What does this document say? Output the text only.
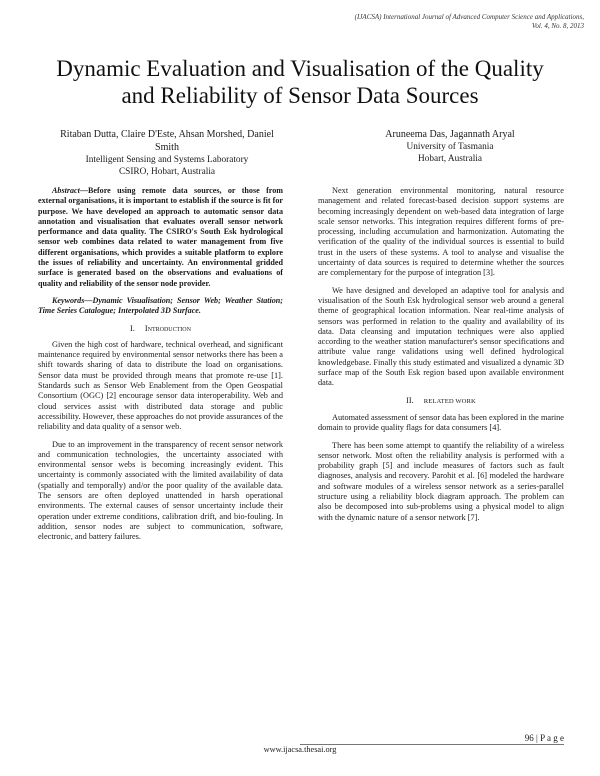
(IJACSA) International Journal of Advanced Computer Science and Applications,
Vol. 4, No. 8, 2013
Dynamic Evaluation and Visualisation of the Quality
and Reliability of Sensor Data Sources
Ritaban Dutta, Claire D'Este, Ahsan Morshed, Daniel
Smith
Intelligent Sensing and Systems Laboratory
CSIRO, Hobart, Australia
Aruneema Das, Jagannath Aryal
University of Tasmania
Hobart, Australia

Abstract—Before using remote data sources, or those from external organisations, it is important to establish if the source is fit for purpose. We have developed an approach to automatic sensor data annotation and visualisation that evaluates overall sensor network performance and data quality. The CSIRO's South Esk hydrological sensor web combines data related to water management from five different organisations, which provides a suitable platform to explore the issues of reliability and uncertainty. An environmental gridded surface is generated based on the observations and evaluations of quality and reliability of the sensor node provider.

Keywords—Dynamic Visualisation; Sensor Web; Weather Station; Time Series Catalogue; Interpolated 3D Surface.

I. Introduction

Given the high cost of hardware, technical overhead, and significant maintenance required by environmental sensor networks there has been a shift towards sharing of data to distribute the load on organisations. Sensor data must be provided through means that promote re-use [1]. Standards such as Sensor Web Enablement from the Open Geospatial Consortium (OGC) [2] encourage sensor data interoperability. Web and cloud services assist with distributed data storage and public accessibility. However, these approaches do not provide assurances of the reliability and data quality of a sensor web.

Due to an improvement in the transparency of recent sensor network and communication technologies, the uncertainty associated with environmental sensor webs is becoming increasingly evident. This uncertainty is commonly associated with the limited availability of data (spatially and temporally) and/or the poor quality of the available data. The sensors are often deployed unattended in harsh operational environments. The external causes of sensor uncertainty include their operation under extreme conditions, calibration drift, and bio-fouling. In addition, sensor nodes are subject to communication, software, electronic, and battery failures.

Next generation environmental monitoring, natural resource management and related forecast-based decision support systems are becoming increasingly dependent on web-based data integration of large scale sensor networks. This integration requires different forms of pre-processing, including accumulation and harmonization. Automating the verification of the quality of the individual sources is essential to build trust in the users of these systems. A tool to analyse and visualise the uncertainty of data sources is required to determine whether the sources are complementary for the purpose of integration [3].

We have designed and developed an adaptive tool for analysis and visualisation of the South Esk hydrological sensor web around a general theme of geographical location information. Near real-time analysis of sensors was performed in relation to the quality and availability of its data. Data cleansing and imputation techniques were also applied according to the weather station manufacturer's sensor specifications and attribute value range validations using well defined hydrological knowledgebase. Finally this study estimated and visualized a dynamic 3D surface map of the South Esk region based upon available environment data.

II. RELATED WORK

Automated assessment of sensor data has been explored in the marine domain to provide quality flags for data consumers [4].

There has been some attempt to quantify the reliability of a wireless sensor network. Most often the reliability analysis is performed with a probability graph [5] and include measures of factors such as fault diagnoses, analysis and recovery. Parohit et al. [6] modeled the hardware and software modules of a wireless sensor network as a series-parallel structure using a reliability block diagram approach. The problem can also be decomposed into sub-problems using a physical model to align with the dynamic nature of a sensor network [7].

96 | P a g e
www.ijacsa.thesai.org
